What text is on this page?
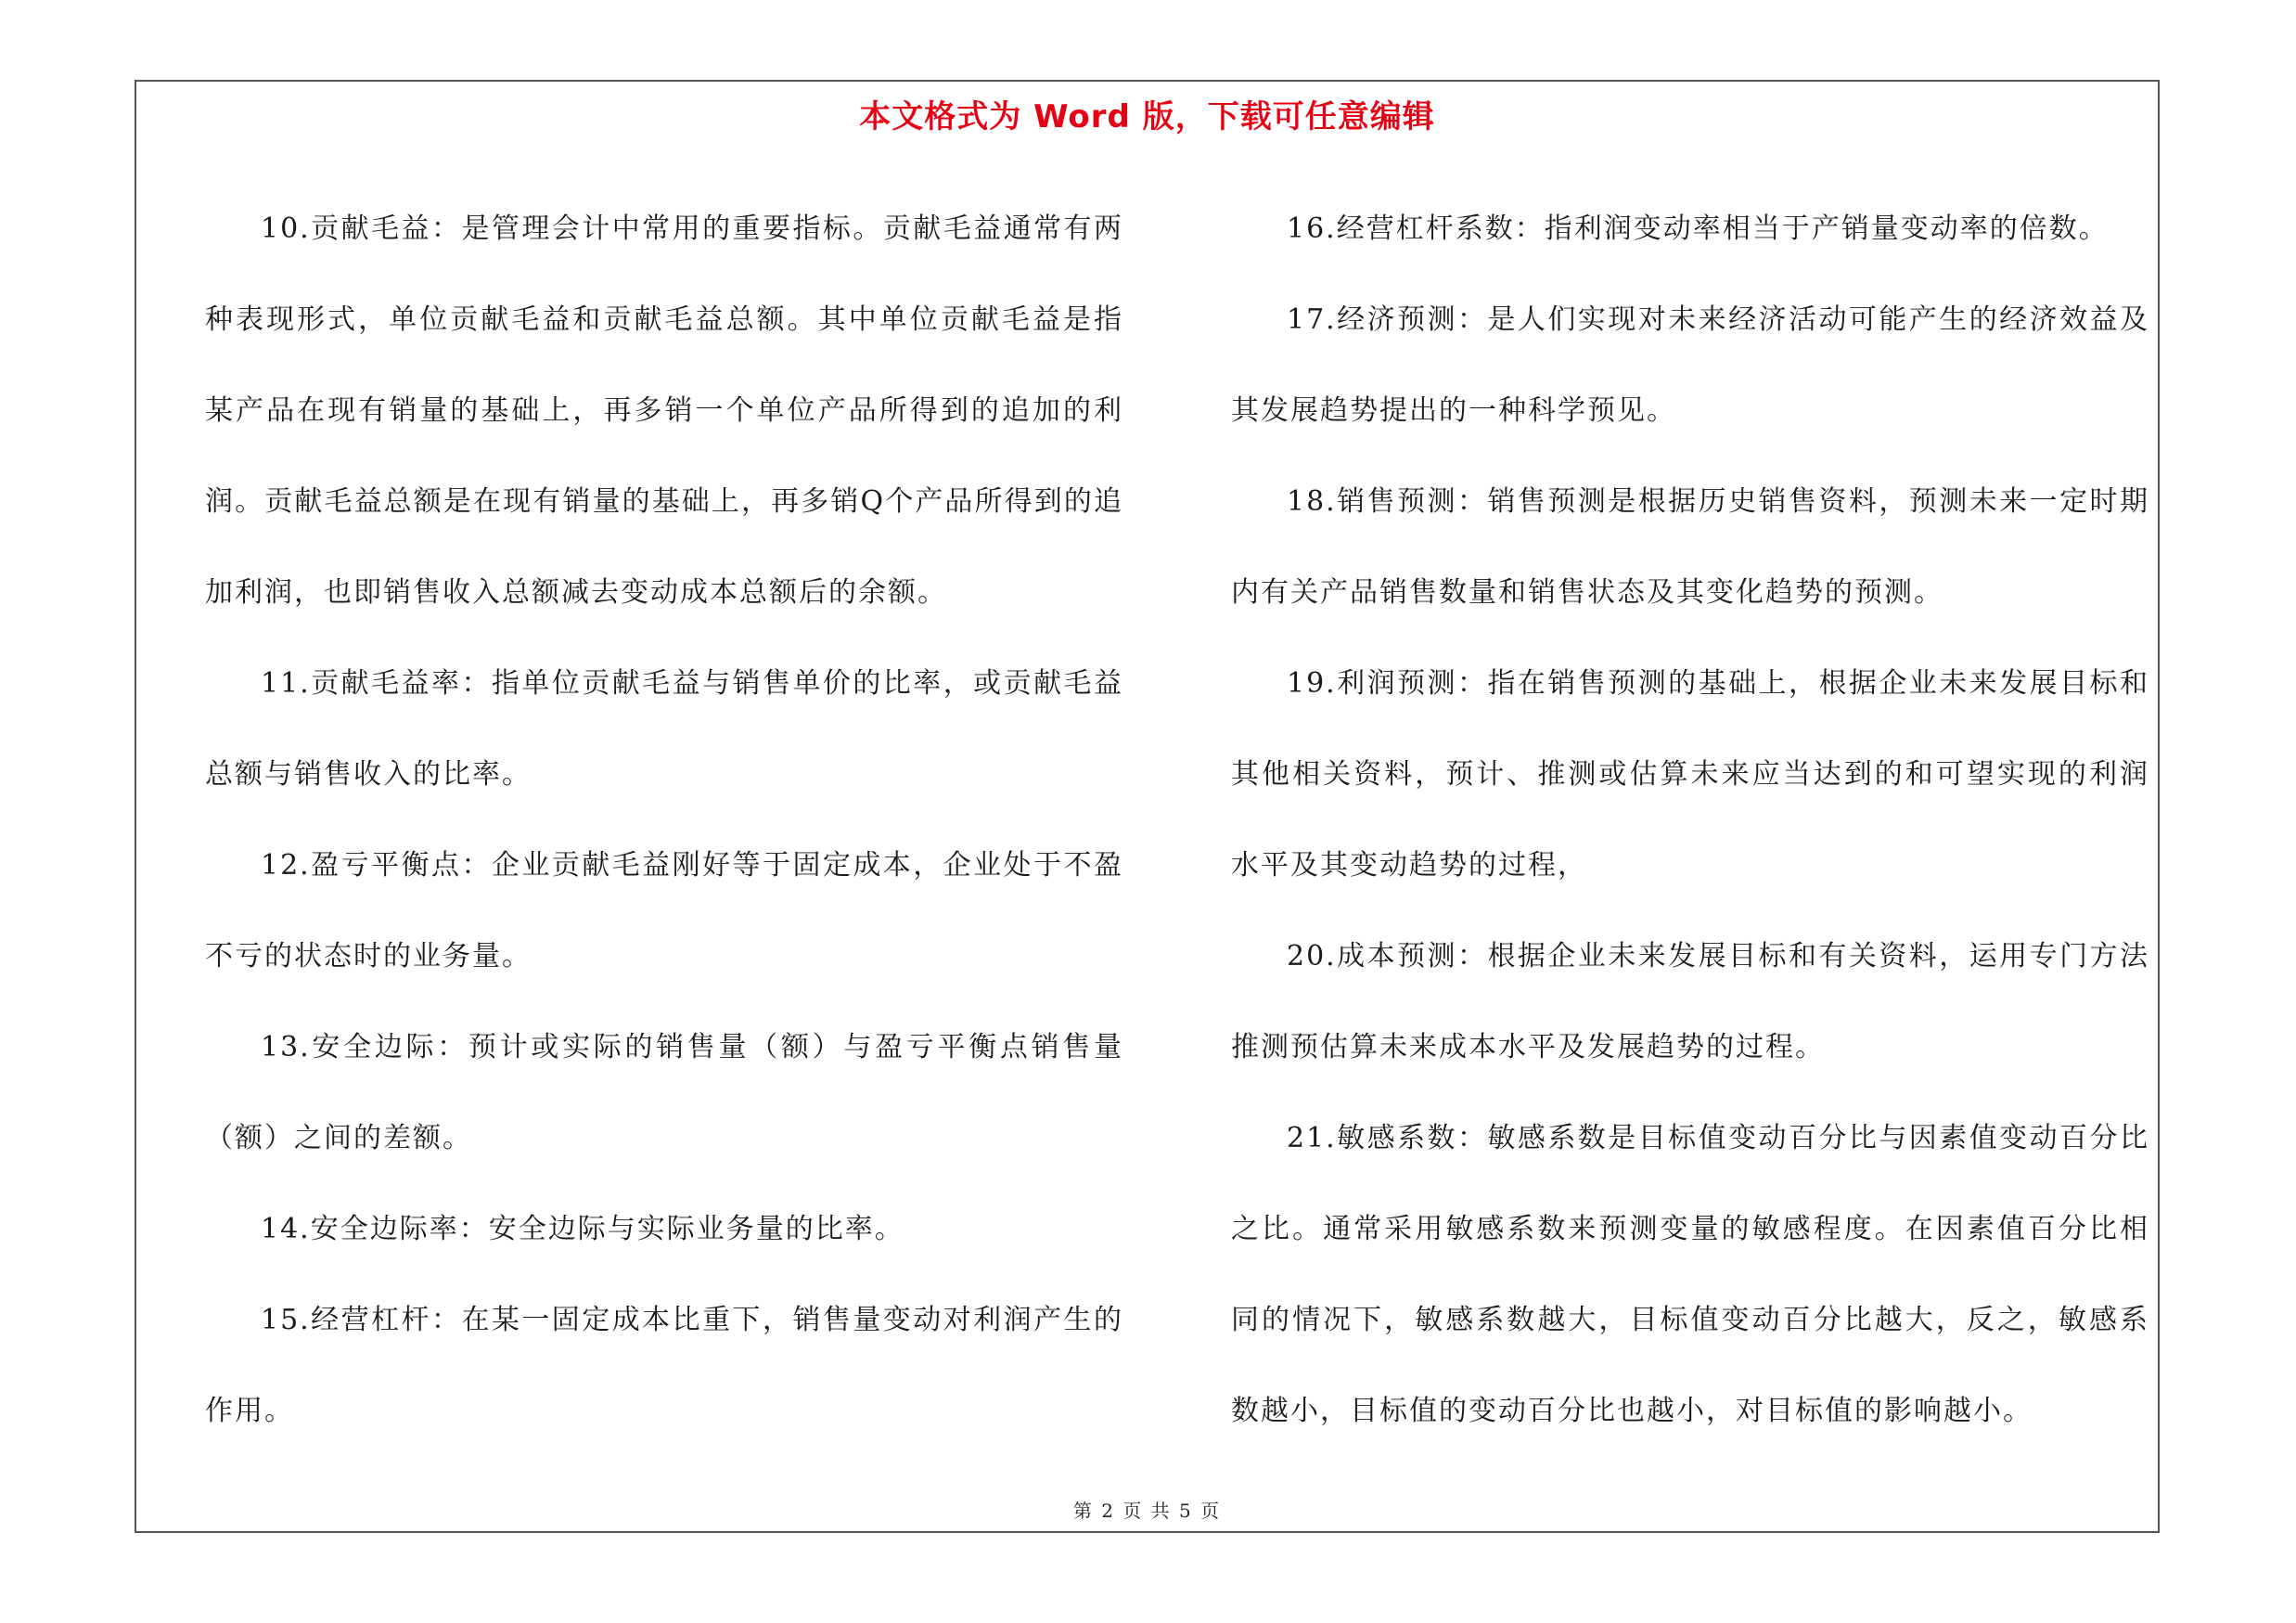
本文格式为 Word 版，下载可任意编辑

10.贡献毛益：是管理会计中常用的重要指标。贡献毛益通常有两种表现形式，单位贡献毛益和贡献毛益总额。其中单位贡献毛益是指某产品在现有销量的基础上，再多销一个单位产品所得到的追加的利润。贡献毛益总额是在现有销量的基础上，再多销Q个产品所得到的追加利润，也即销售收入总额减去变动成本总额后的余额。

11.贡献毛益率：指单位贡献毛益与销售单价的比率，或贡献毛益总额与销售收入的比率。

12.盈亏平衡点：企业贡献毛益刚好等于固定成本，企业处于不盈不亏的状态时的业务量。

13.安全边际：预计或实际的销售量（额）与盈亏平衡点销售量（额）之间的差额。

14.安全边际率：安全边际与实际业务量的比率。

15.经营杠杆：在某一固定成本比重下，销售量变动对利润产生的作用。

16.经营杠杆系数：指利润变动率相当于产销量变动率的倍数。

17.经济预测：是人们实现对未来经济活动可能产生的经济效益及其发展趋势提出的一种科学预见。

18.销售预测：销售预测是根据历史销售资料，预测未来一定时期内有关产品销售数量和销售状态及其变化趋势的预测。

19.利润预测：指在销售预测的基础上，根据企业未来发展目标和其他相关资料，预计、推测或估算未来应当达到的和可望实现的利润水平及其变动趋势的过程，

20.成本预测：根据企业未来发展目标和有关资料，运用专门方法推测预估算未来成本水平及发展趋势的过程。

21.敏感系数：敏感系数是目标值变动百分比与因素值变动百分比之比。通常采用敏感系数来预测变量的敏感程度。在因素值百分比相同的情况下，敏感系数越大，目标值变动百分比越大，反之，敏感系数越小，目标值的变动百分比也越小，对目标值的影响越小。

第 2 页 共 5 页
